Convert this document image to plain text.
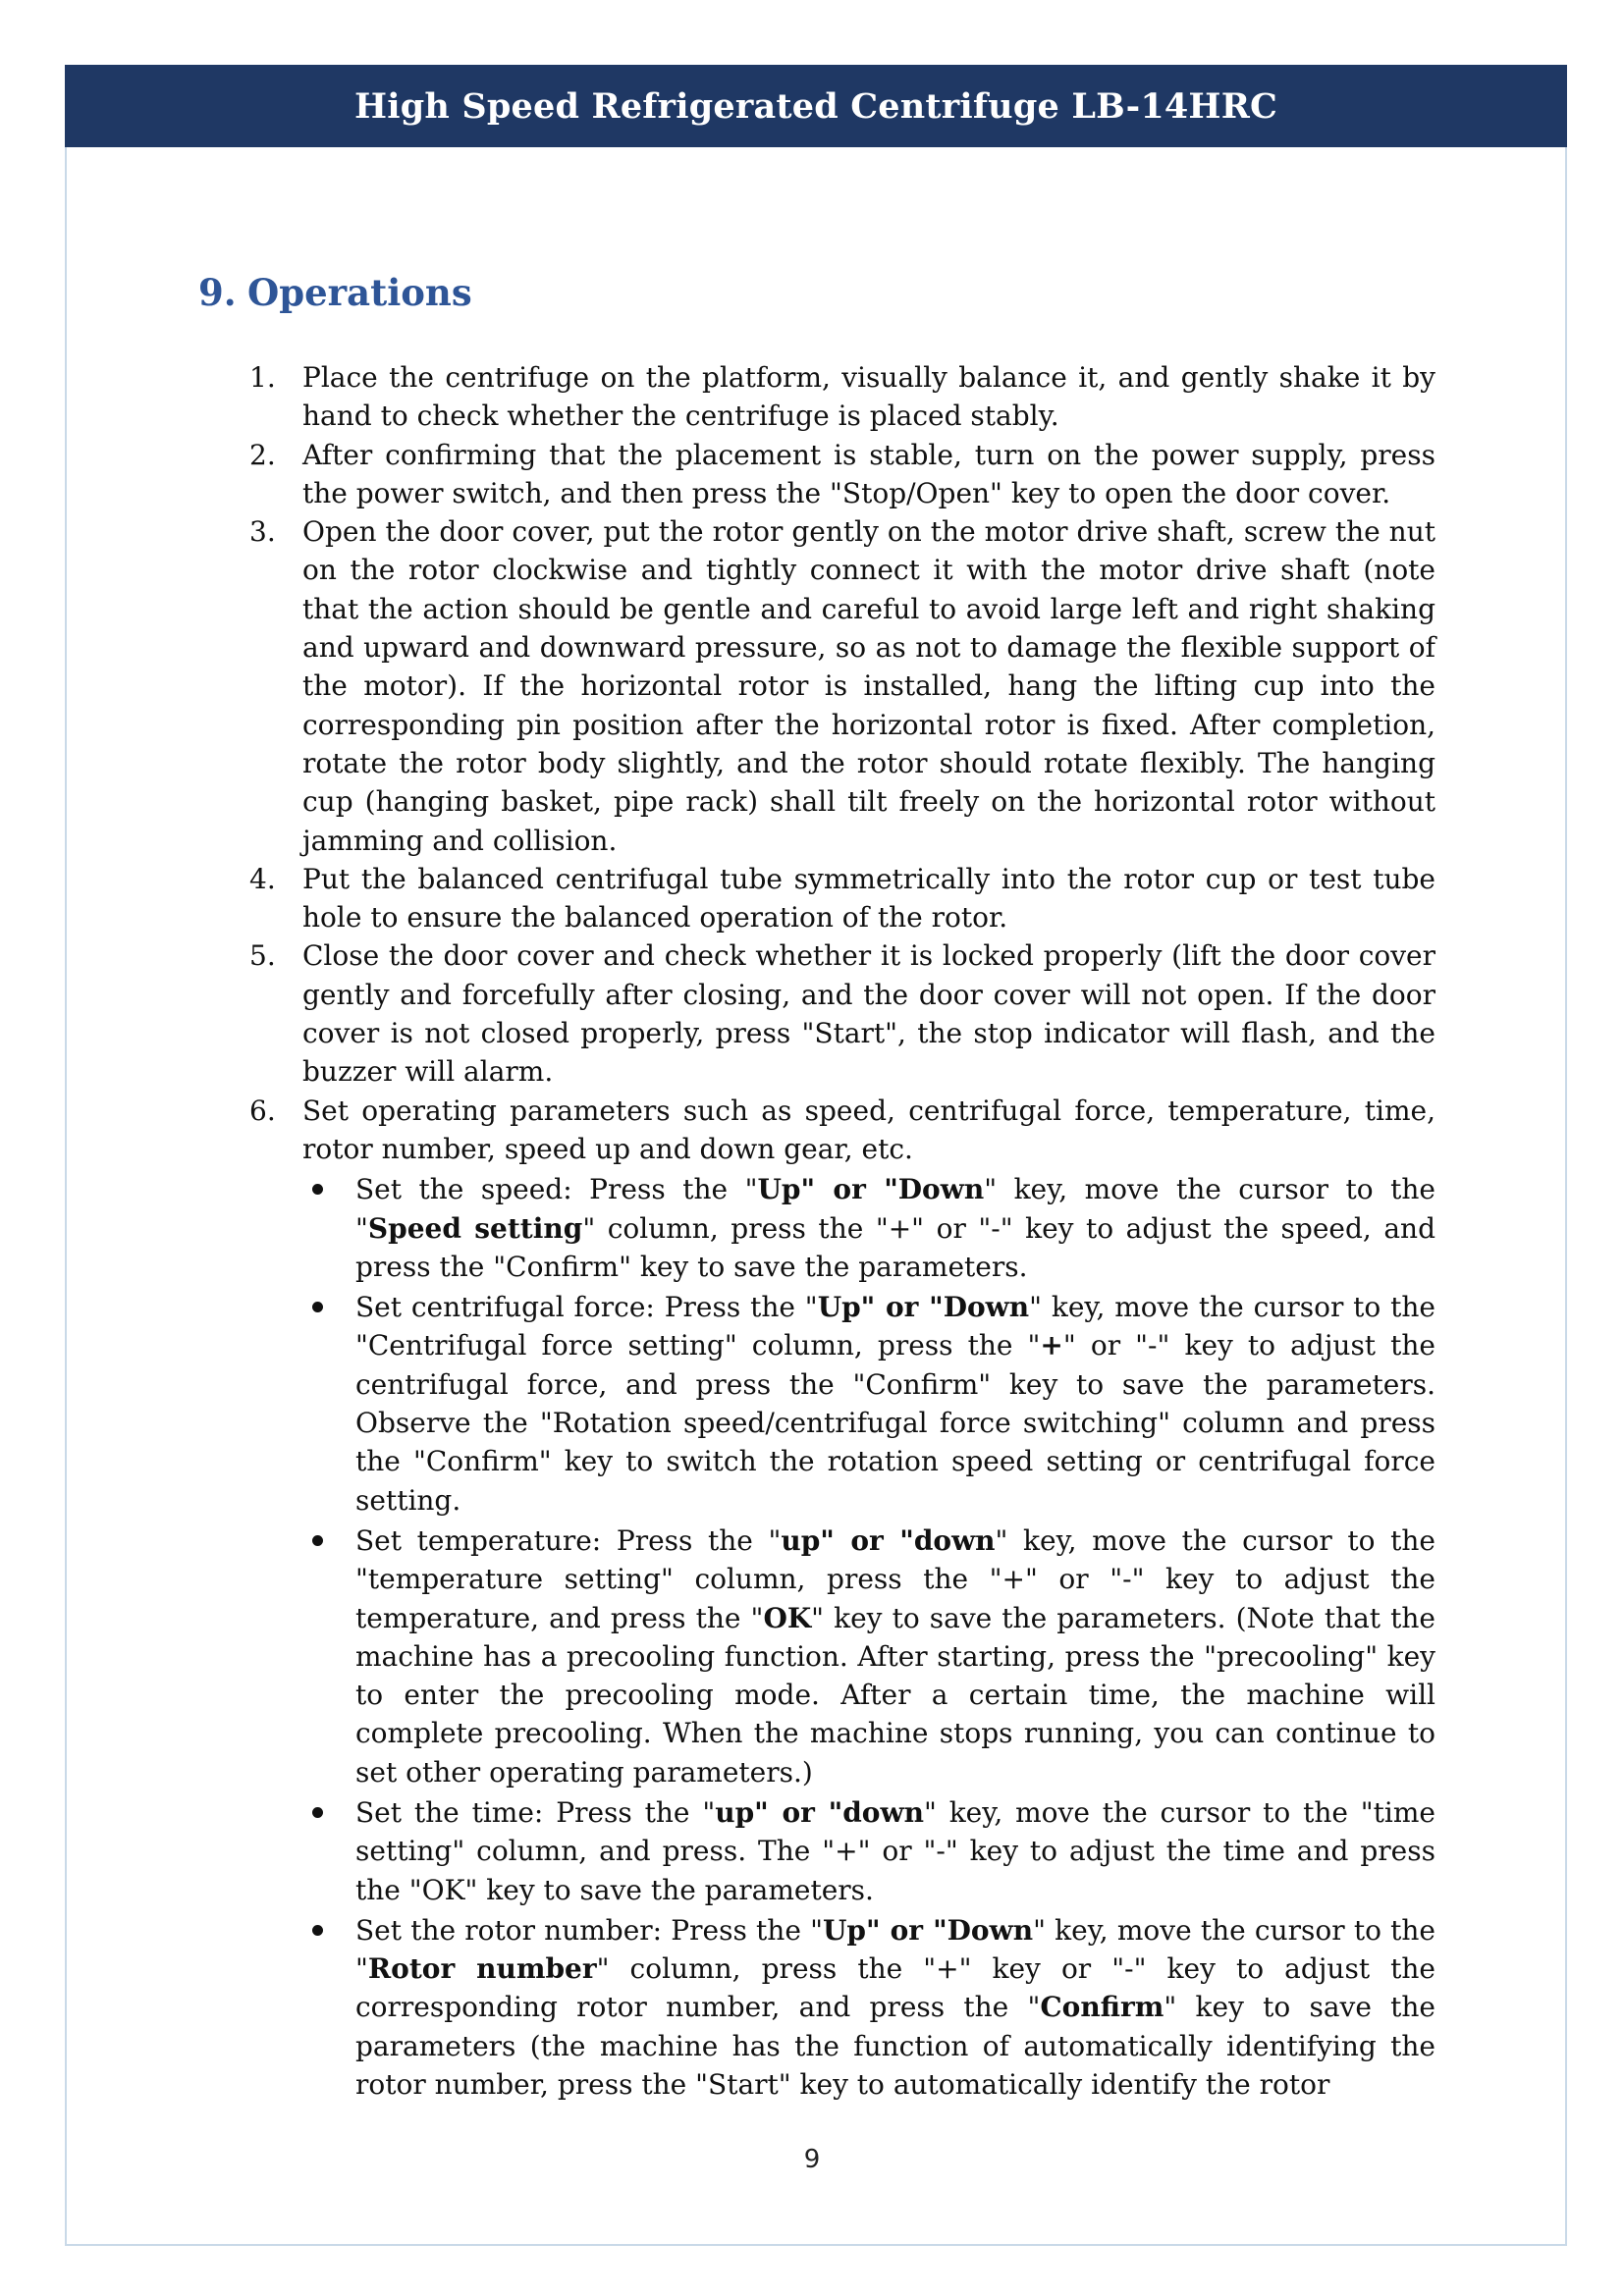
High Speed Refrigerated Centrifuge LB-14HRC
9. Operations
1. Place the centrifuge on the platform, visually balance it, and gently shake it by hand to check whether the centrifuge is placed stably.
2. After confirming that the placement is stable, turn on the power supply, press the power switch, and then press the "Stop/Open" key to open the door cover.
3. Open the door cover, put the rotor gently on the motor drive shaft, screw the nut on the rotor clockwise and tightly connect it with the motor drive shaft (note that the action should be gentle and careful to avoid large left and right shaking and upward and downward pressure, so as not to damage the flexible support of the motor). If the horizontal rotor is installed, hang the lifting cup into the corresponding pin position after the horizontal rotor is fixed. After completion, rotate the rotor body slightly, and the rotor should rotate flexibly. The hanging cup (hanging basket, pipe rack) shall tilt freely on the horizontal rotor without jamming and collision.
4. Put the balanced centrifugal tube symmetrically into the rotor cup or test tube hole to ensure the balanced operation of the rotor.
5. Close the door cover and check whether it is locked properly (lift the door cover gently and forcefully after closing, and the door cover will not open. If the door cover is not closed properly, press "Start", the stop indicator will flash, and the buzzer will alarm.
6. Set operating parameters such as speed, centrifugal force, temperature, time, rotor number, speed up and down gear, etc.
Set the speed: Press the "Up" or "Down" key, move the cursor to the "Speed setting" column, press the "+" or "-" key to adjust the speed, and press the "Confirm" key to save the parameters.
Set centrifugal force: Press the "Up" or "Down" key, move the cursor to the "Centrifugal force setting" column, press the "+" or "-" key to adjust the centrifugal force, and press the "Confirm" key to save the parameters. Observe the "Rotation speed/centrifugal force switching" column and press the "Confirm" key to switch the rotation speed setting or centrifugal force setting.
Set temperature: Press the "up" or "down" key, move the cursor to the "temperature setting" column, press the "+" or "-" key to adjust the temperature, and press the "OK" key to save the parameters. (Note that the machine has a precooling function. After starting, press the "precooling" key to enter the precooling mode. After a certain time, the machine will complete precooling. When the machine stops running, you can continue to set other operating parameters.)
Set the time: Press the "up" or "down" key, move the cursor to the "time setting" column, and press. The "+" or "-" key to adjust the time and press the "OK" key to save the parameters.
Set the rotor number: Press the "Up" or "Down" key, move the cursor to the "Rotor number" column, press the "+" key or "-" key to adjust the corresponding rotor number, and press the "Confirm" key to save the parameters (the machine has the function of automatically identifying the rotor number, press the "Start" key to automatically identify the rotor
9
